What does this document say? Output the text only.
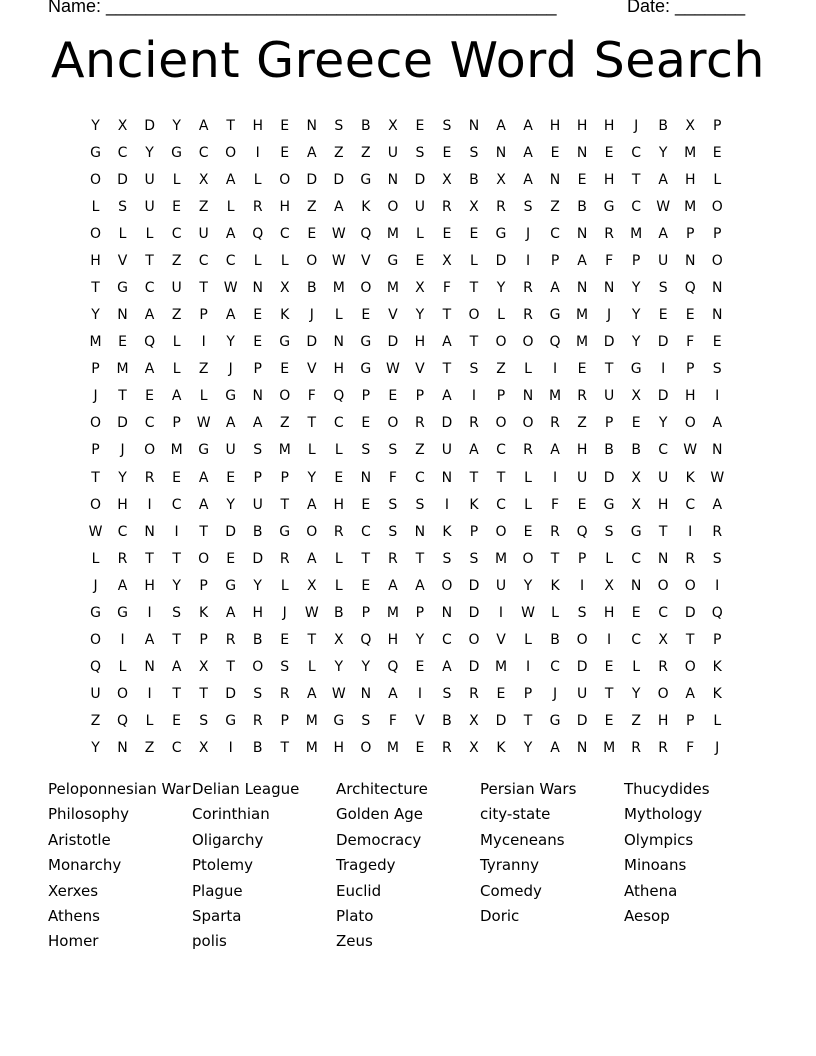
Name: _____________________________________________	Date: _______
Ancient Greece Word Search
Y	X	D	Y	A	T	H	E	N	S	B	X	E	S	N	A	A	H	H	H	J	B	X	P
G	C	Y	G	C	O	I	E	A	Z	Z	U	S	E	S	N	A	E	N	E	C	Y	M	E
O	D	U	L	X	A	L	O	D	D	G	N	D	X	B	X	A	N	E	H	T	A	H	L
L	S	U	E	Z	L	R	H	Z	A	K	O	U	R	X	R	S	Z	B	G	C	W	M	O
O	L	L	C	U	A	Q	C	E	W	Q	M	L	E	E	G	J	C	N	R	M	A	P	P
H	V	T	Z	C	C	L	L	O	W	V	G	E	X	L	D	I	P	A	F	P	U	N	O
T	G	C	U	T	W	N	X	B	M	O	M	X	F	T	Y	R	A	N	N	Y	S	Q	N
Y	N	A	Z	P	A	E	K	J	L	E	V	Y	T	O	L	R	G	M	J	Y	E	E	N
M	E	Q	L	I	Y	E	G	D	N	G	D	H	A	T	O	O	Q	M	D	Y	D	F	E
P	M	A	L	Z	J	P	E	V	H	G	W	V	T	S	Z	L	I	E	T	G	I	P	S
J	T	E	A	L	G	N	O	F	Q	P	E	P	A	I	P	N	M	R	U	X	D	H	I
O	D	C	P	W	A	A	Z	T	C	E	O	R	D	R	O	O	R	Z	P	E	Y	O	A
P	J	O	M	G	U	S	M	L	L	S	S	Z	U	A	C	R	A	H	B	B	C	W	N
T	Y	R	E	A	E	P	P	Y	E	N	F	C	N	T	T	L	I	U	D	X	U	K	W
O	H	I	C	A	Y	U	T	A	H	E	S	S	I	K	C	L	F	E	G	X	H	C	A
W	C	N	I	T	D	B	G	O	R	C	S	N	K	P	O	E	R	Q	S	G	T	I	R
L	R	T	T	O	E	D	R	A	L	T	R	T	S	S	M	O	T	P	L	C	N	R	S
J	A	H	Y	P	G	Y	L	X	L	E	A	A	O	D	U	Y	K	I	X	N	O	O	I
G	G	I	S	K	A	H	J	W	B	P	M	P	N	D	I	W	L	S	H	E	C	D	Q
O	I	A	T	P	R	B	E	T	X	Q	H	Y	C	O	V	L	B	O	I	C	X	T	P
Q	L	N	A	X	T	O	S	L	Y	Y	Q	E	A	D	M	I	C	D	E	L	R	O	K
U	O	I	T	T	D	S	R	A	W	N	A	I	S	R	E	P	J	U	T	Y	O	A	K
Z	Q	L	E	S	G	R	P	M	G	S	F	V	B	X	D	T	G	D	E	Z	H	P	L
Y	N	Z	C	X	I	B	T	M	H	O	M	E	R	X	K	Y	A	N	M	R	R	F	J
Peloponnesian War
Philosophy
Aristotle
Monarchy
Xerxes
Athens
Homer
Delian League
Corinthian
Oligarchy
Ptolemy
Plague
Sparta
polis
Architecture
Golden Age
Democracy
Tragedy
Euclid
Plato
Zeus
Persian Wars
city-state
Myceneans
Tyranny
Comedy
Doric
Thucydides
Mythology
Olympics
Minoans
Athena
Aesop
